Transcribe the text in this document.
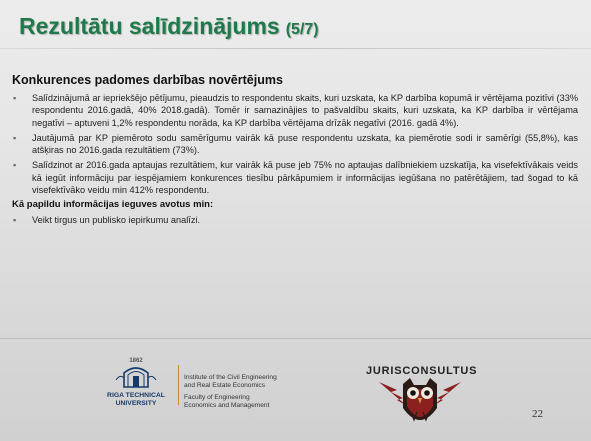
Rezultātu salīdzinājums (5/7)
Konkurences padomes darbības novērtējums
▪ Salīdzinājumā ar iepriekšējo pētījumu, pieaudzis to respondentu skaits, kuri uzskata, ka KP darbība kopumā ir vērtējama pozitīvi (33% respondentu 2016.gadā, 40% 2018.gadā). Tomēr ir samazinājies to pašvaldību skaits, kuri uzskata, ka KP darbība ir vērtējama negatīvi – aptuveni 1,2% respondentu norāda, ka KP darbība vērtējama drīzāk negatīvi (2016. gadā 4%).
▪ Jautājumā par KP piemēroto sodu samērīgumu vairāk kā puse respondentu uzskata, ka piemērotie sodi ir samērīgi (55,8%), kas atšķiras no 2016.gada rezultātiem (73%).
▪ Salīdzinot ar 2016.gada aptaujas rezultātiem, kur vairāk kā puse jeb 75% no aptaujas dalībniekiem uzskatīja, ka visefektīvākais veids kā iegūt informāciju par iespējamiem konkurences tiesību pārkāpumiem ir informācijas iegūšana no patērētājiem, tad šogad to kā visefektīvāko veidu min 412% respondentu.
Kā papildu informācijas ieguves avotus min:
▪ Veikt tirgus un publisko iepirkumu analīzi.
1862
RIGA TECHNICAL
UNIVERSITY
Institute of the Civil Engineering
and Real Estate Economics
Faculty of Engineering
Economics and Management
JURISCONSULTUS
22
